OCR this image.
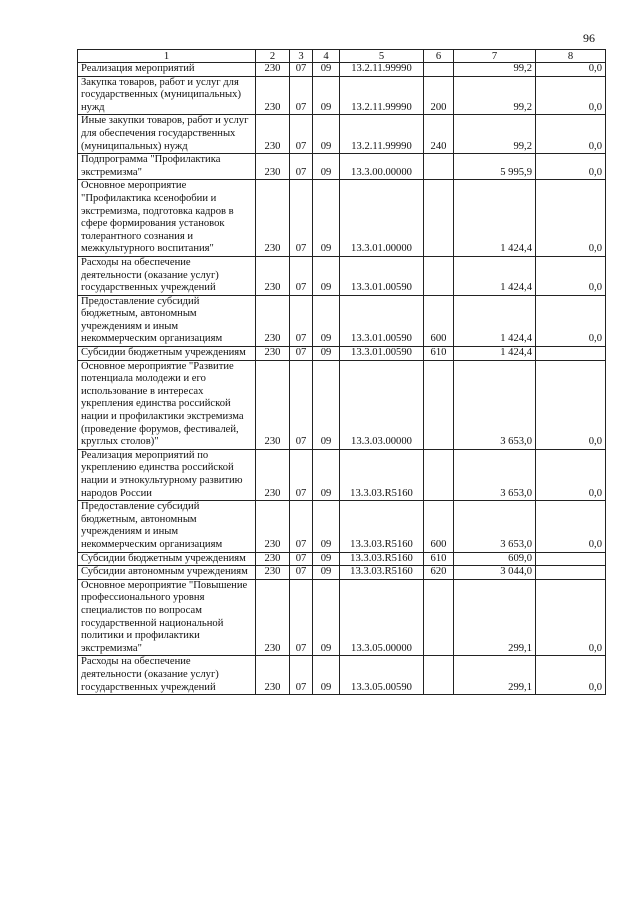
96
1	2	3	4	5	6	7	8
Реализация мероприятий	230	07	09	13.2.11.99990		99,2	0,0
Закупка товаров, работ и услуг для государственных (муниципальных) нужд	230	07	09	13.2.11.99990	200	99,2	0,0
Иные закупки товаров, работ и услуг для обеспечения государственных (муниципальных) нужд	230	07	09	13.2.11.99990	240	99,2	0,0
Подпрограмма "Профилактика экстремизма"	230	07	09	13.3.00.00000		5 995,9	0,0
Основное мероприятие "Профилактика ксенофобии и экстремизма, подготовка кадров в сфере формирования установок толерантного сознания и межкультурного воспитания"	230	07	09	13.3.01.00000		1 424,4	0,0
Расходы на обеспечение деятельности (оказание услуг) государственных учреждений	230	07	09	13.3.01.00590		1 424,4	0,0
Предоставление субсидий бюджетным, автономным учреждениям и иным некоммерческим организациям	230	07	09	13.3.01.00590	600	1 424,4	0,0
Субсидии бюджетным учреждениям	230	07	09	13.3.01.00590	610	1 424,4	
Основное мероприятие "Развитие потенциала молодежи и его использование в интересах укрепления единства российской нации и профилактики экстремизма (проведение форумов, фестивалей, круглых столов)"	230	07	09	13.3.03.00000		3 653,0	0,0
Реализация мероприятий по укреплению единства российской нации и этнокультурному развитию народов России	230	07	09	13.3.03.R5160		3 653,0	0,0
Предоставление субсидий бюджетным, автономным учреждениям и иным некоммерческим организациям	230	07	09	13.3.03.R5160	600	3 653,0	0,0
Субсидии бюджетным учреждениям	230	07	09	13.3.03.R5160	610	609,0	
Субсидии автономным учреждениям	230	07	09	13.3.03.R5160	620	3 044,0	
Основное мероприятие "Повышение профессионального уровня специалистов по вопросам государственной национальной политики и профилактики экстремизма"	230	07	09	13.3.05.00000		299,1	0,0
Расходы на обеспечение деятельности (оказание услуг) государственных учреждений	230	07	09	13.3.05.00590		299,1	0,0
